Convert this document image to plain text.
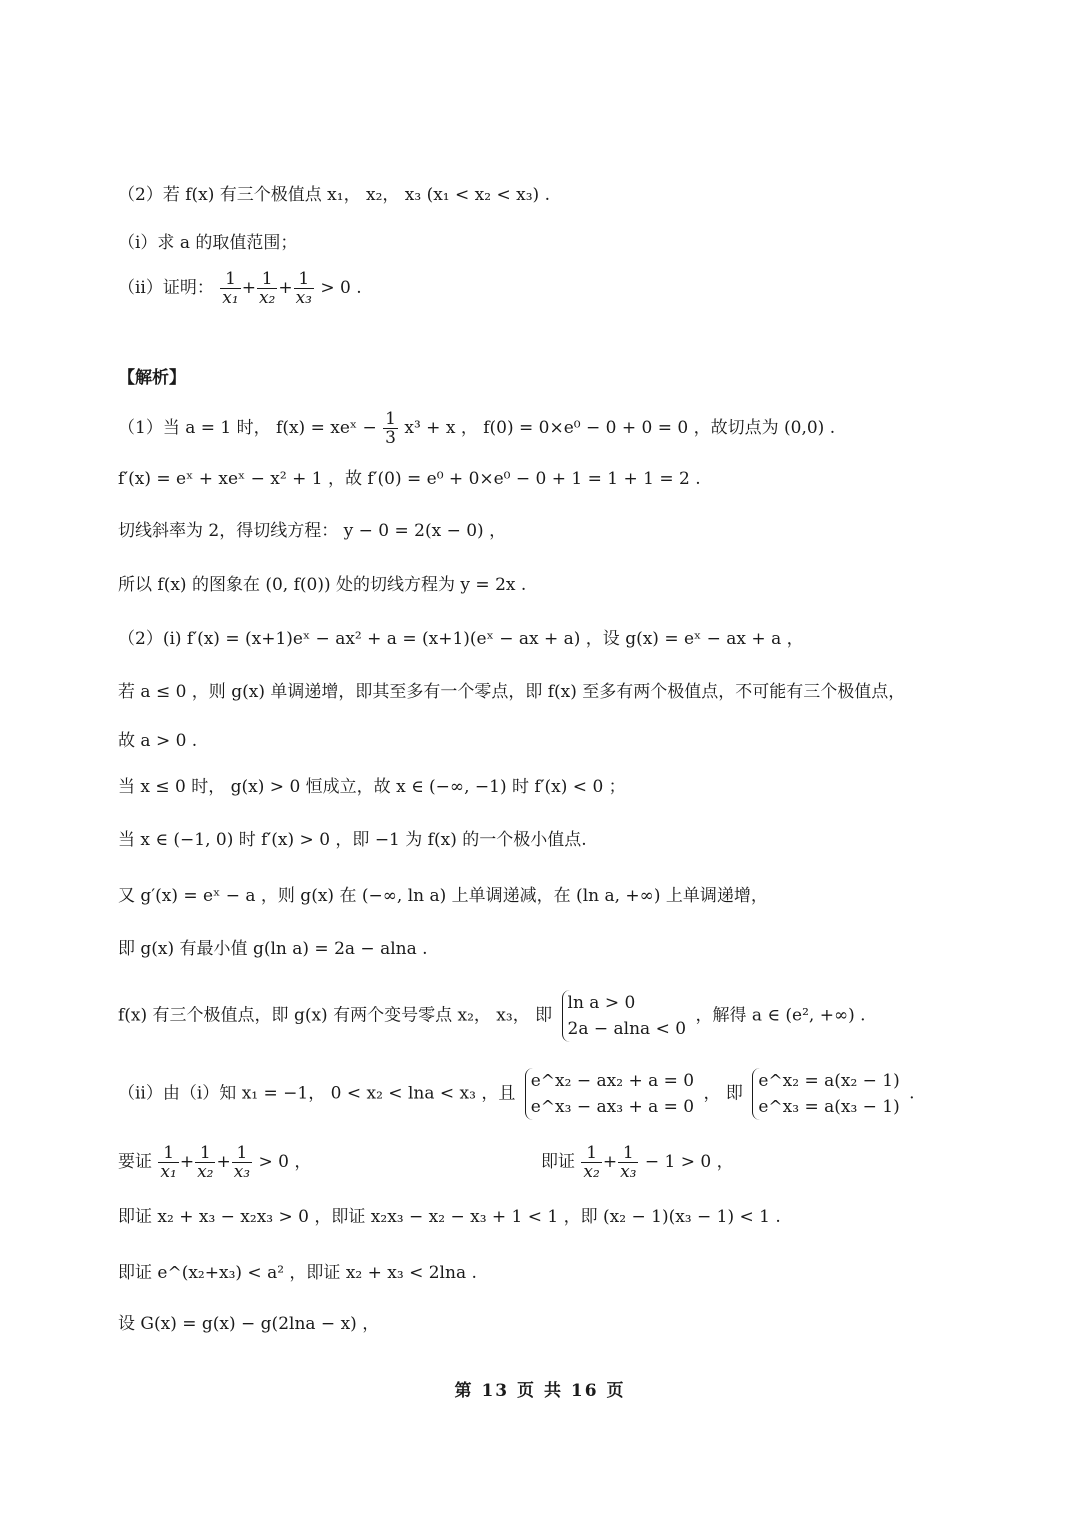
（2）若 f(x) 有三个极值点 x₁， x₂， x₃ (x₁ < x₂ < x₃) .
（i）求 a 的取值范围；
（ii）证明： $\frac{1}{\text{x₁}} + \frac{1}{\text{x₂}} + \frac{1}{\text{x₃}} > 0$ .
【解析】
（1）当 a = 1 时， f(x) = xeˣ − $\frac{1}{3} x^3 + x$ ， f(0) = 0×e⁰ − 0 + 0 = 0 ，故切点为 (0,0) .
f′(x) = eˣ + xeˣ − x² + 1 ，故 f′(0) = e⁰ + 0×e⁰ − 0 + 1 = 1 + 1 = 2 .
切线斜率为 2，得切线方程： y − 0 = 2(x − 0) ，
所以 f(x) 的图象在 (0, f(0)) 处的切线方程为 y = 2x .
（2）(i) f′(x) = (x+1)eˣ − ax² + a = (x+1)(eˣ − ax + a) ，设 g(x) = eˣ − ax + a ，
若 a ≤ 0 ，则 g(x) 单调递增，即其至多有一个零点，即 f(x) 至多有两个极值点，不可能有三个极值点，
故 a > 0 .
当 x ≤ 0 时， g(x) > 0 恒成立，故 x ∈ (−∞, −1) 时 f′(x) < 0 ；
当 x ∈ (−1, 0) 时 f′(x) > 0 ，即 −1 为 f(x) 的一个极小值点.
又 g′(x) = eˣ − a ，则 g(x) 在 (−∞, ln a) 上单调递减，在 (ln a, +∞) 上单调递增，
即 g(x) 有最小值 g(ln a) = 2a − alna .
f(x) 有三个极值点，即 g(x) 有两个变号零点 x₂， x₃， 即
ln a > 0
2a − alna < 0
，解得 a ∈ (e², +∞) .
（ii）由（i）知 x₁ = −1， 0 < x₂ < lna < x₃ ，且
e^x₂ − ax₂ + a = 0
e^x₃ − ax₃ + a = 0
， 即
e^x₂ = a(x₂ − 1)
e^x₃ = a(x₃ − 1)
.
要证 $\frac{1}{\text{x₁}} + \frac{1}{\text{x₂}} + \frac{1}{\text{x₃}} > 0$ ，	即证 $\frac{1}{\text{x₂}} + \frac{1}{\text{x₃}} - 1 > 0$ ，
即证 x₂ + x₃ − x₂x₃ > 0 ，即证 x₂x₃ − x₂ − x₃ + 1 < 1 ，即 (x₂ − 1)(x₃ − 1) < 1 .
即证 e^(x₂+x₃) < a² ，即证 x₂ + x₃ < 2lna .
设 G(x) = g(x) − g(2lna − x) ，
第 13 页 共 16 页
